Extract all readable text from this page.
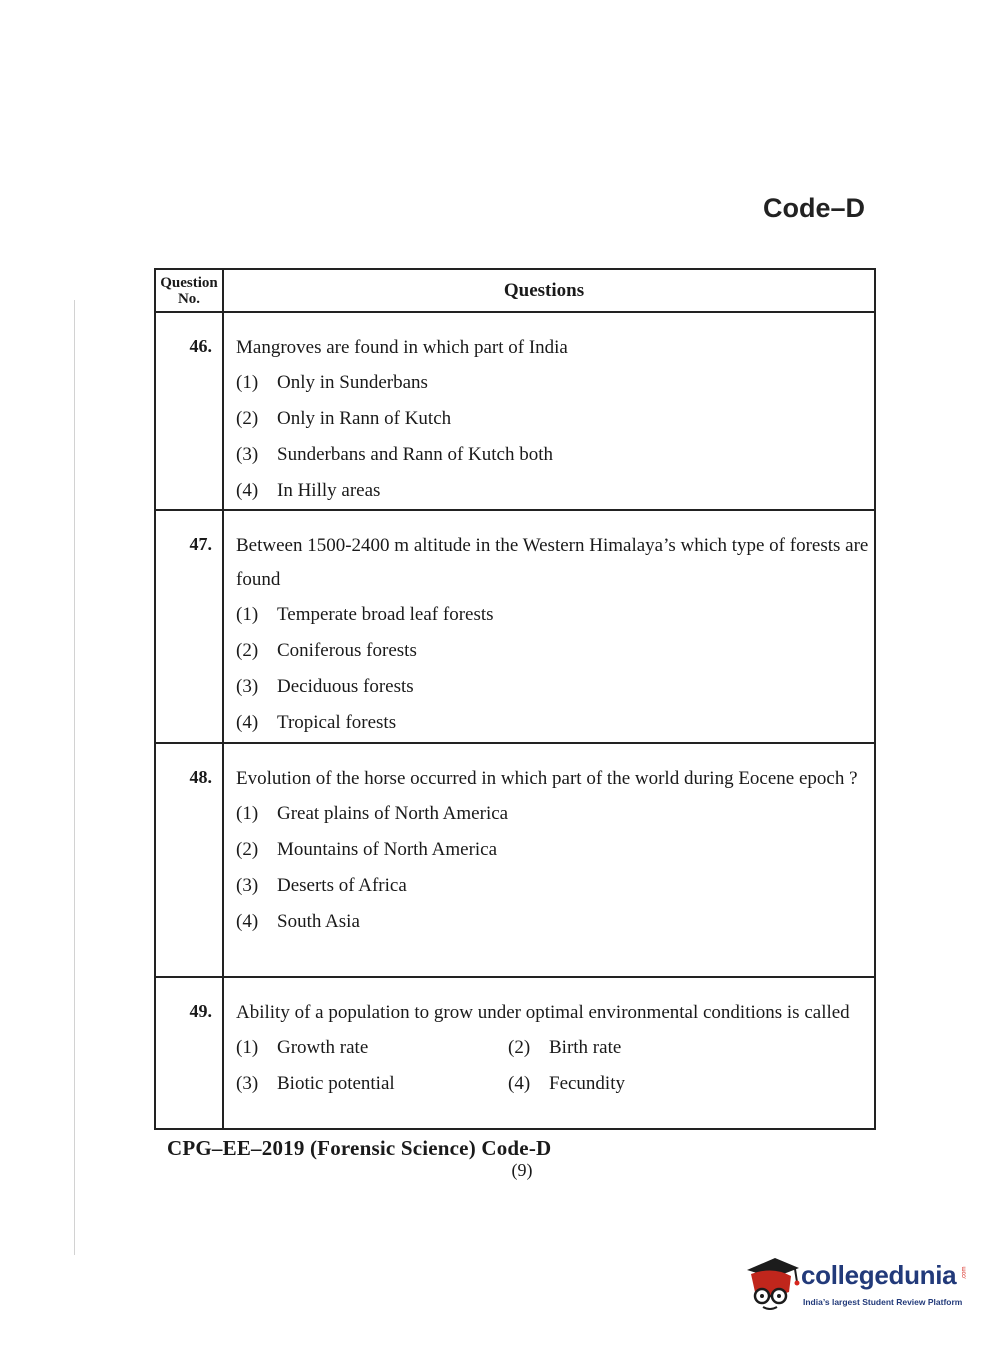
Code–D
Question
No.	Questions
46.	Mangroves are found in which part of India
(1) Only in Sunderbans
(2) Only in Rann of Kutch
(3) Sunderbans and Rann of Kutch both
(4) In Hilly areas
47.	Between 1500-2400 m altitude in the Western Himalaya’s which type of forests are found
(1) Temperate broad leaf forests
(2) Coniferous forests
(3) Deciduous forests
(4) Tropical forests
48.	Evolution of the horse occurred in which part of the world during Eocene epoch ?
(1) Great plains of North America
(2) Mountains of North America
(3) Deserts of Africa
(4) South Asia
49.	Ability of a population to grow under optimal environmental conditions is called
(1) Growth rate	(2) Birth rate
(3) Biotic potential	(4) Fecundity
CPG–EE–2019 (Forensic Science) Code-D
(9)
collegedunia .com
India’s largest Student Review Platform
